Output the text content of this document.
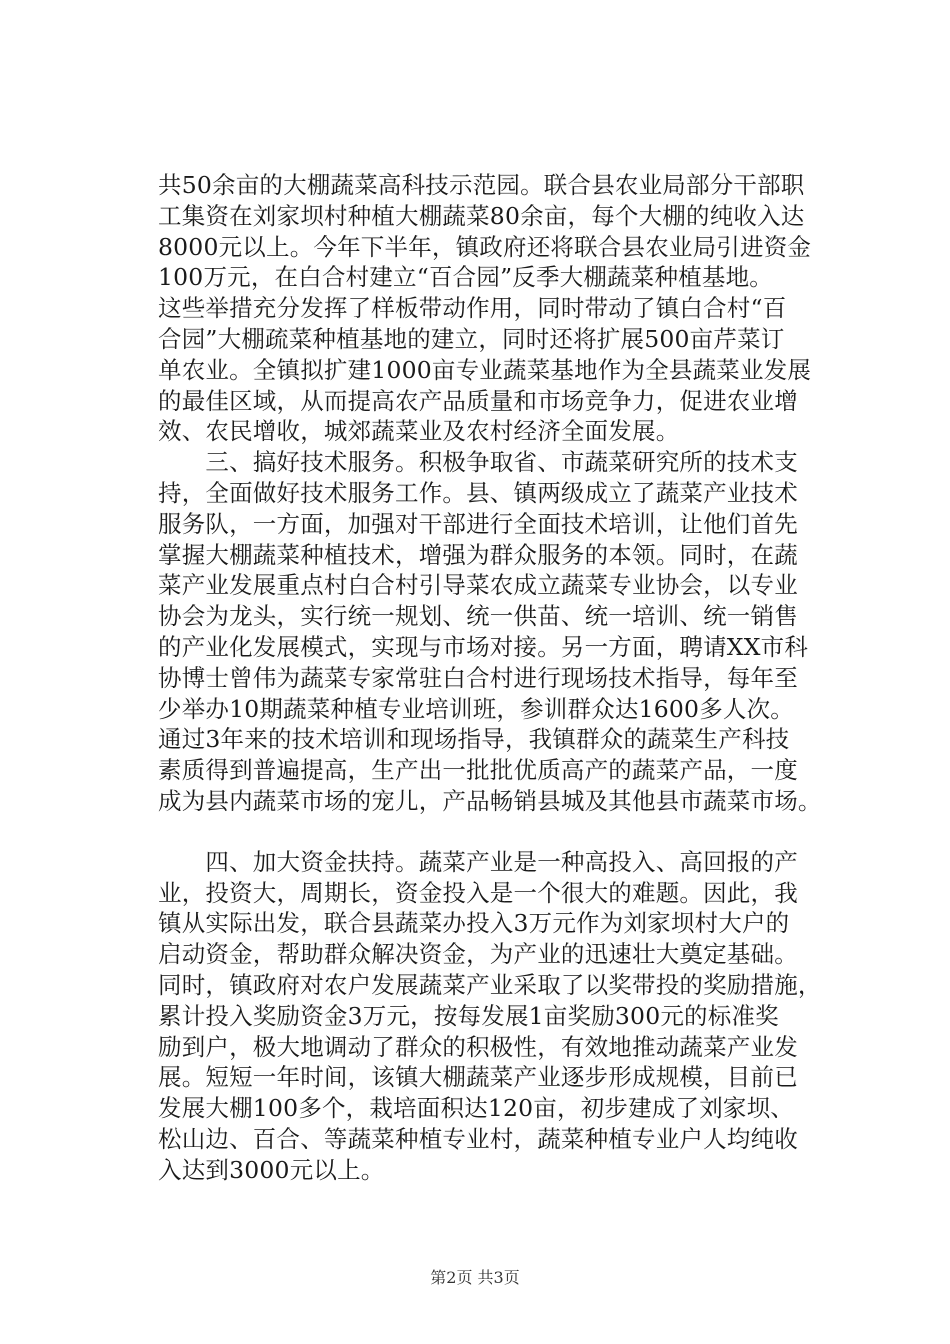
共50余亩的大棚蔬菜高科技示范园。联合县农业局部分干部职
工集资在刘家坝村种植大棚蔬菜80余亩，每个大棚的纯收入达
8000元以上。今年下半年，镇政府还将联合县农业局引进资金
100万元，在白合村建立“百合园”反季大棚蔬菜种植基地。
这些举措充分发挥了样板带动作用，同时带动了镇白合村“百
合园”大棚疏菜种植基地的建立，同时还将扩展500亩芹菜订
单农业。全镇拟扩建1000亩专业蔬菜基地作为全县蔬菜业发展
的最佳区域，从而提高农产品质量和市场竞争力，促进农业增
效、农民增收，城郊蔬菜业及农村经济全面发展。
　　三、搞好技术服务。积极争取省、市蔬菜研究所的技术支
持，全面做好技术服务工作。县、镇两级成立了蔬菜产业技术
服务队，一方面，加强对干部进行全面技术培训，让他们首先
掌握大棚蔬菜种植技术，增强为群众服务的本领。同时，在蔬
菜产业发展重点村白合村引导菜农成立蔬菜专业协会，以专业
协会为龙头，实行统一规划、统一供苗、统一培训、统一销售
的产业化发展模式，实现与市场对接。另一方面，聘请XX市科
协博士曾伟为蔬菜专家常驻白合村进行现场技术指导，每年至
少举办10期蔬菜种植专业培训班，参训群众达1600多人次。
通过3年来的技术培训和现场指导，我镇群众的蔬菜生产科技
素质得到普遍提高，生产出一批批优质高产的蔬菜产品，一度
成为县内蔬菜市场的宠儿，产品畅销县城及其他县市蔬菜市场。
　　四、加大资金扶持。蔬菜产业是一种高投入、高回报的产
业，投资大，周期长，资金投入是一个很大的难题。因此，我
镇从实际出发，联合县蔬菜办投入3万元作为刘家坝村大户的
启动资金，帮助群众解决资金，为产业的迅速壮大奠定基础。
同时，镇政府对农户发展蔬菜产业采取了以奖带投的奖励措施，
累计投入奖励资金3万元，按每发展1亩奖励300元的标准奖
励到户，极大地调动了群众的积极性，有效地推动蔬菜产业发
展。短短一年时间，该镇大棚蔬菜产业逐步形成规模，目前已
发展大棚100多个，栽培面积达120亩，初步建成了刘家坝、
松山边、百合、等蔬菜种植专业村，蔬菜种植专业户人均纯收
入达到3000元以上。
第2页 共3页
